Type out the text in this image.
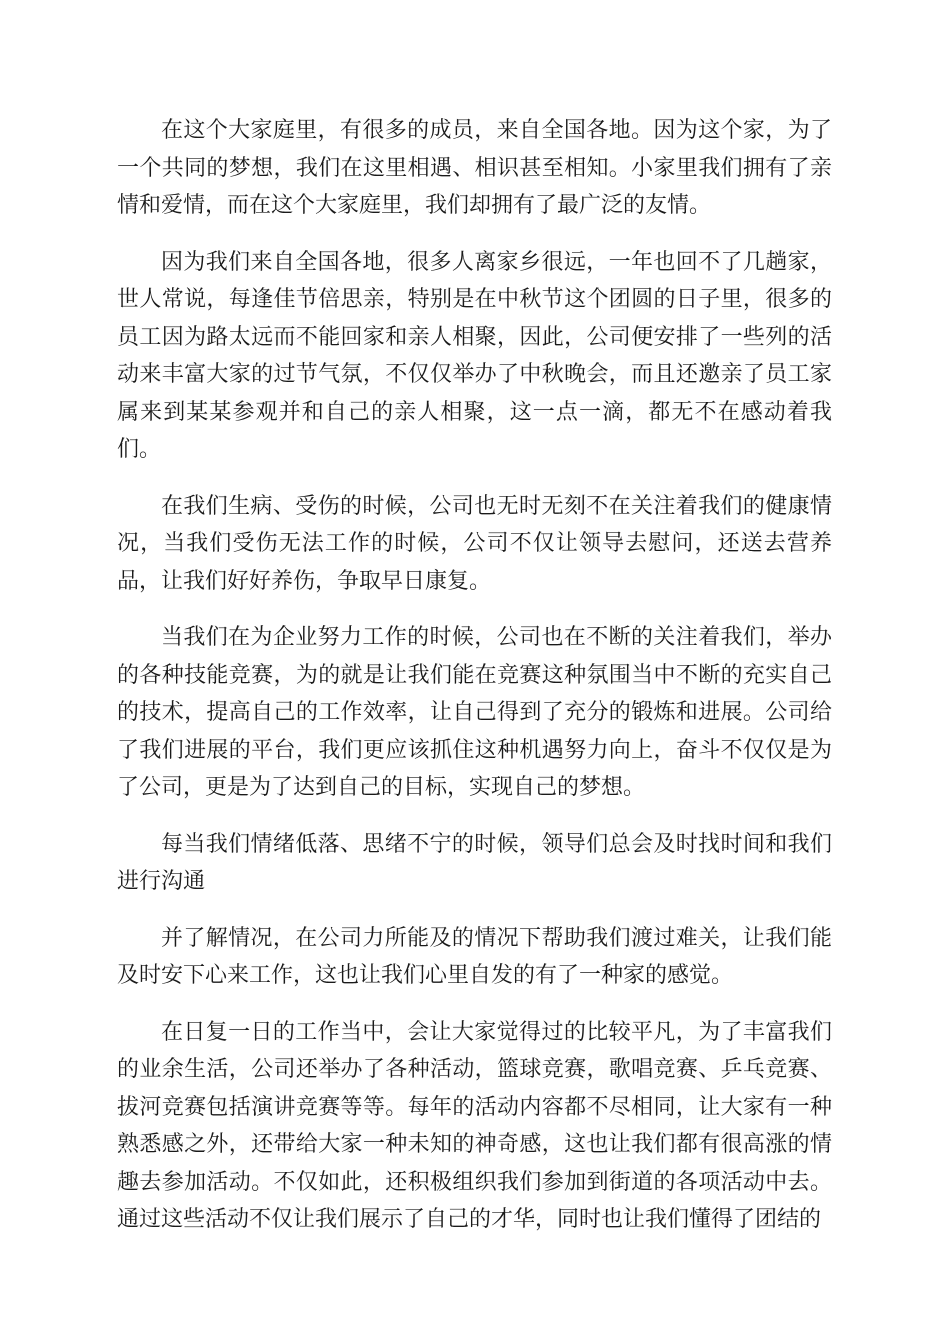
在这个大家庭里，有很多的成员，来自全国各地。因为这个家，为了一个共同的梦想，我们在这里相遇、相识甚至相知。小家里我们拥有了亲情和爱情，而在这个大家庭里，我们却拥有了最广泛的友情。

因为我们来自全国各地，很多人离家乡很远，一年也回不了几趟家，世人常说，每逢佳节倍思亲，特别是在中秋节这个团圆的日子里，很多的员工因为路太远而不能回家和亲人相聚，因此，公司便安排了一些列的活动来丰富大家的过节气氛，不仅仅举办了中秋晚会，而且还邀亲了员工家属来到某某参观并和自己的亲人相聚，这一点一滴，都无不在感动着我们。

在我们生病、受伤的时候，公司也无时无刻不在关注着我们的健康情况，当我们受伤无法工作的时候，公司不仅让领导去慰问，还送去营养品，让我们好好养伤，争取早日康复。

当我们在为企业努力工作的时候，公司也在不断的关注着我们，举办的各种技能竞赛，为的就是让我们能在竞赛这种氛围当中不断的充实自己的技术，提高自己的工作效率，让自己得到了充分的锻炼和进展。公司给了我们进展的平台，我们更应该抓住这种机遇努力向上，奋斗不仅仅是为了公司，更是为了达到自己的目标，实现自己的梦想。

每当我们情绪低落、思绪不宁的时候，领导们总会及时找时间和我们进行沟通

并了解情况，在公司力所能及的情况下帮助我们渡过难关，让我们能及时安下心来工作，这也让我们心里自发的有了一种家的感觉。

在日复一日的工作当中，会让大家觉得过的比较平凡，为了丰富我们的业余生活，公司还举办了各种活动，篮球竞赛，歌唱竞赛、乒乓竞赛、拔河竞赛包括演讲竞赛等等。每年的活动内容都不尽相同，让大家有一种熟悉感之外，还带给大家一种未知的神奇感，这也让我们都有很高涨的情趣去参加活动。不仅如此，还积极组织我们参加到街道的各项活动中去。通过这些活动不仅让我们展示了自己的才华，同时也让我们懂得了团结的
